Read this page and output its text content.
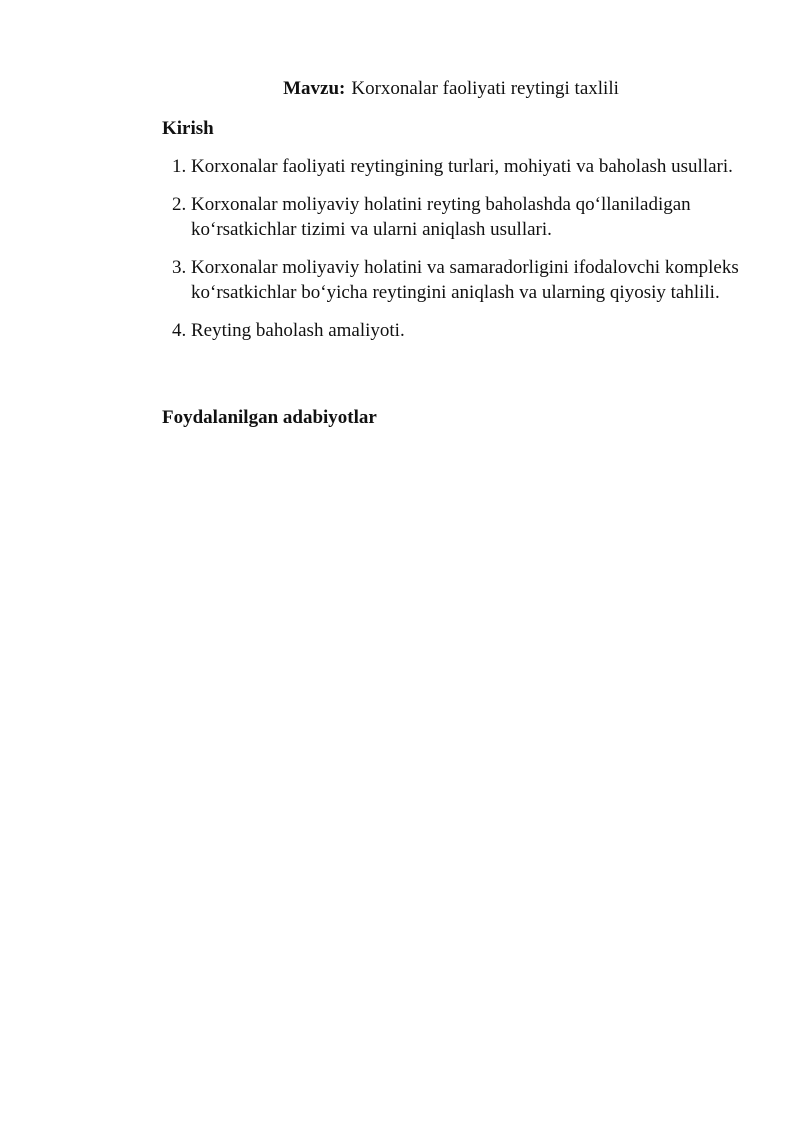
Mavzu: Korxonalar faoliyati reytingi taxlili
Kirish
1. Korxonalar faoliyati reytingining turlari, mohiyati va baholash usullari.
2. Korxonalar moliyaviy holatini reyting baholashda qo‘llaniladigan ko‘rsatkichlar tizimi va ularni aniqlash usullari.
3. Korxonalar moliyaviy holatini va samaradorligini ifodalovchi kompleks ko‘rsatkichlar bo‘yicha reytingini aniqlash va ularning qiyosiy tahlili.
4. Reyting baholash amaliyoti.
Foydalanilgan adabiyotlar
